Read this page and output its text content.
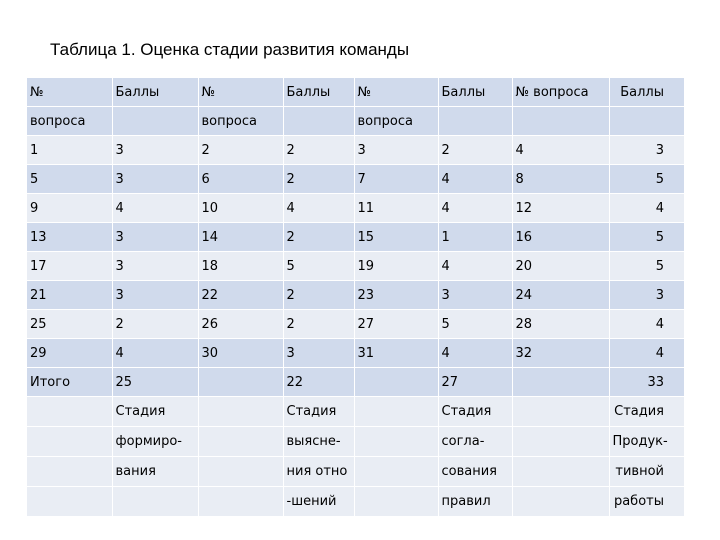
Таблица 1. Оценка стадии развития команды
№	Баллы	№	Баллы	№	Баллы	№ вопроса	Баллы
вопроса		вопроса		вопроса			
1	3	2	2	3	2	4	3
5	3	6	2	7	4	8	5
9	4	10	4	11	4	12	4
13	3	14	2	15	1	16	5
17	3	18	5	19	4	20	5
21	3	22	2	23	3	24	3
25	2	26	2	27	5	28	4
29	4	30	3	31	4	32	4
Итого	25		22		27		33
	Стадия		Стадия		Стадия		Стадия
	формиро-		выясне-		согла-		Продук-
	вания		ния отно		сования		тивной
			-шений		правил		работы
